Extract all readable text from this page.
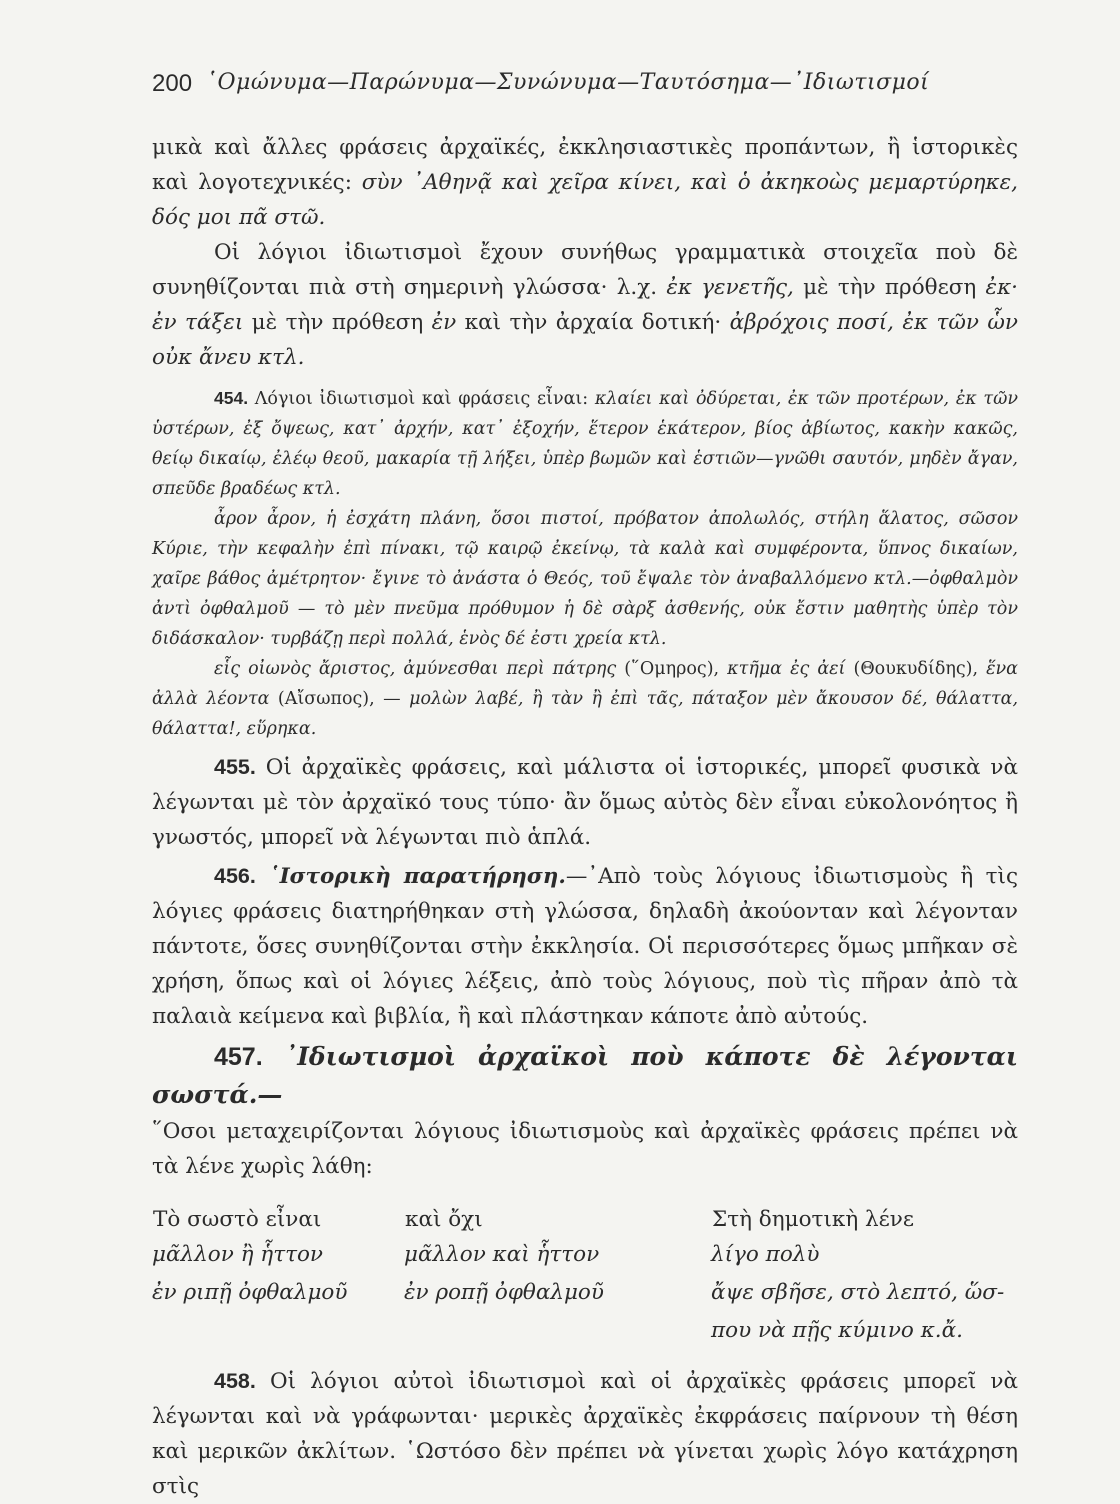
200 ῾Ομώνυμα—Παρώνυμα—Συνώνυμα—Ταυτόσημα—᾿Ιδιωτισμοί

μικὰ καὶ ἄλλες φράσεις ἀρχαϊκές, ἐκκλησιαστικὲς προπάντων, ἢ ἱστορικὲς καὶ λογοτεχνικές: σὺν ᾿Αθηνᾷ καὶ χεῖρα κίνει, καὶ ὁ ἀκηκοὼς μεμαρτύρηκε, δός μοι πᾶ στῶ.

Οἱ λόγιοι ἰδιωτισμοὶ ἔχουν συνήθως γραμματικὰ στοιχεῖα ποὺ δὲ συνηθίζονται πιὰ στὴ σημερινὴ γλώσσα· λ.χ. ἐκ γενετῆς, μὲ τὴν πρόθεση ἐκ· ἐν τάξει μὲ τὴν πρόθεση ἐν καὶ τὴν ἀρχαία δοτική· ἀβρόχοις ποσί, ἐκ τῶν ὧν οὐκ ἄνευ κτλ.

454. Λόγιοι ἰδιωτισμοὶ καὶ φράσεις εἶναι: κλαίει καὶ ὀδύρεται, ἐκ τῶν προτέρων, ἐκ τῶν ὑστέρων, ἐξ ὄψεως, κατ᾿ ἀρχήν, κατ᾿ ἐξοχήν, ἕτερον ἑκάτερον, βίος ἀβίωτος, κακὴν κακῶς, θείῳ δικαίῳ, ἐλέῳ θεοῦ, μακαρία τῇ λήξει, ὑπὲρ βωμῶν καὶ ἑστιῶν—γνῶθι σαυτόν, μηδὲν ἄγαν, σπεῦδε βραδέως κτλ.

ἆρον ἆρον, ἡ ἐσχάτη πλάνη, ὅσοι πιστοί, πρόβατον ἀπολωλός, στήλη ἅλατος, σῶσον Κύριε, τὴν κεφαλὴν ἐπὶ πίνακι, τῷ καιρῷ ἐκείνῳ, τὰ καλὰ καὶ συμφέροντα, ὕπνος δικαίων, χαῖρε βάθος ἀμέτρητον· ἔγινε τὸ ἀνάστα ὁ Θεός, τοῦ ἔψαλε τὸν ἀναβαλλόμενο κτλ.—ὀφθαλμὸν ἀντὶ ὀφθαλμοῦ — τὸ μὲν πνεῦμα πρόθυμον ἡ δὲ σὰρξ ἀσθενής, οὐκ ἔστιν μαθητὴς ὑπὲρ τὸν διδάσκαλον· τυρβάζῃ περὶ πολλά, ἑνὸς δέ ἐστι χρεία κτλ.

εἷς οἰωνὸς ἄριστος, ἀμύνεσθαι περὶ πάτρης (῞Ομηρος), κτῆμα ἐς ἀεί (Θουκυδίδης), ἕνα ἀλλὰ λέοντα (Αἴσωπος), — μολὼν λαβέ, ἢ τὰν ἢ ἐπὶ τᾶς, πάταξον μὲν ἄκουσον δέ, θάλαττα, θάλαττα!, εὕρηκα.

455. Οἱ ἀρχαϊκὲς φράσεις, καὶ μάλιστα οἱ ἱστορικές, μπορεῖ φυσικὰ νὰ λέγωνται μὲ τὸν ἀρχαϊκό τους τύπο· ἂν ὅμως αὐτὸς δὲν εἶναι εὐκολονόητος ἢ γνωστός, μπορεῖ νὰ λέγωνται πιὸ ἁπλά.

456. ῾Ιστορικὴ παρατήρηση.—᾿Απὸ τοὺς λόγιους ἰδιωτισμοὺς ἢ τὶς λόγιες φράσεις διατηρήθηκαν στὴ γλώσσα, δηλαδὴ ἀκούονταν καὶ λέγονταν πάντοτε, ὅσες συνηθίζονται στὴν ἐκκλησία. Οἱ περισσότερες ὅμως μπῆκαν σὲ χρήση, ὅπως καὶ οἱ λόγιες λέξεις, ἀπὸ τοὺς λόγιους, ποὺ τὶς πῆραν ἀπὸ τὰ παλαιὰ κείμενα καὶ βιβλία, ἢ καὶ πλάστηκαν κάποτε ἀπὸ αὐτούς.

457. ᾿Ιδιωτισμοὶ ἀρχαϊκοὶ ποὺ κάποτε δὲ λέγονται σωστά.—

῞Οσοι μεταχειρίζονται λόγιους ἰδιωτισμοὺς καὶ ἀρχαϊκὲς φράσεις πρέπει νὰ τὰ λένε χωρὶς λάθη:

Τὸ σωστὸ εἶναι	καὶ ὄχι	Στὴ δημοτικὴ λένε
μᾶλλον ἢ ἧττον	μᾶλλον καὶ ἧττον	λίγο πολὺ
ἐν ριπῇ ὀφθαλμοῦ	ἐν ροπῇ ὀφθαλμοῦ	ἄψε σβῆσε, στὸ λεπτό, ὥσ-
		που νὰ πῇς κύμινο κ.ἄ.

458. Οἱ λόγιοι αὐτοὶ ἰδιωτισμοὶ καὶ οἱ ἀρχαϊκὲς φράσεις μπορεῖ νὰ λέγωνται καὶ νὰ γράφωνται· μερικὲς ἀρχαϊκὲς ἐκφράσεις παίρνουν τὴ θέση καὶ μερικῶν ἀκλίτων. ῾Ωστόσο δὲν πρέπει νὰ γίνεται χωρὶς λόγο κατάχρηση στὶς
